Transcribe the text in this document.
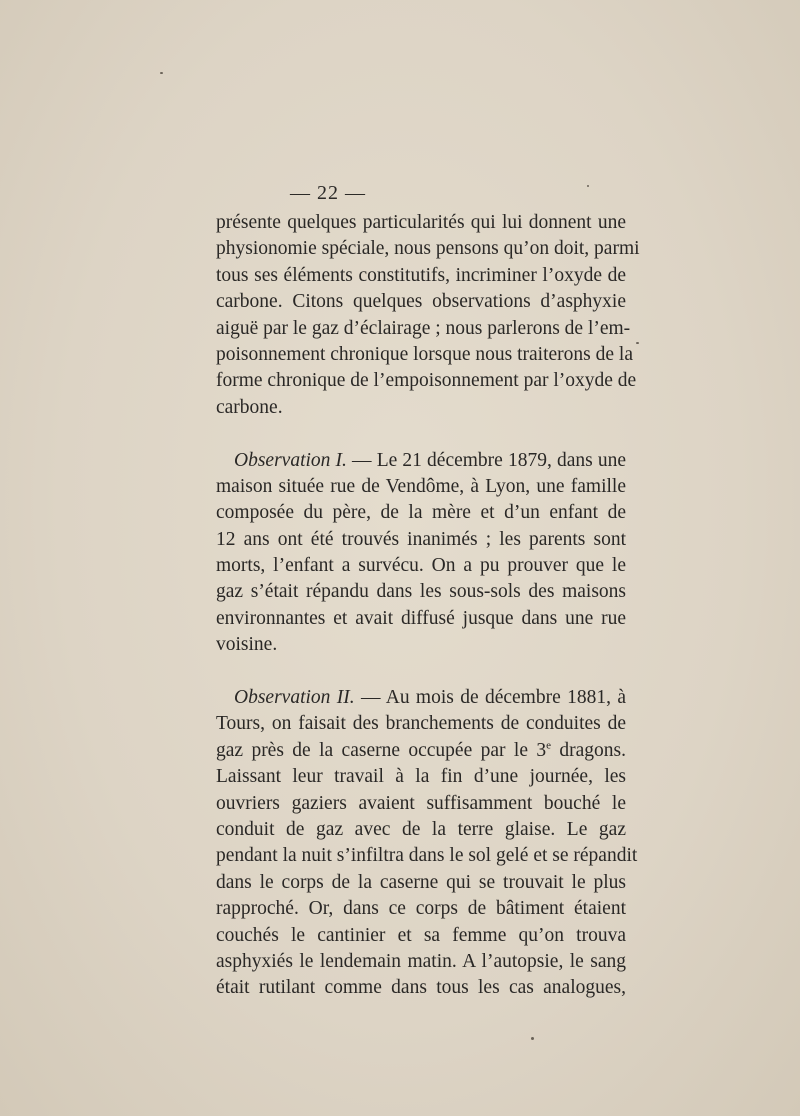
— 22 —
présente quelques particularités qui lui donnent une
physionomie spéciale, nous pensons qu’on doit, parmi
tous ses éléments constitutifs, incriminer l’oxyde de
carbone. Citons quelques observations d’asphyxie
aiguë par le gaz d’éclairage ; nous parlerons de l’em-
poisonnement chronique lorsque nous traiterons de la
forme chronique de l’empoisonnement par l’oxyde de
carbone.
Observation I. — Le 21 décembre 1879, dans une
maison située rue de Vendôme, à Lyon, une famille
composée du père, de la mère et d’un enfant de
12 ans ont été trouvés inanimés ; les parents sont
morts, l’enfant a survécu. On a pu prouver que le
gaz s’était répandu dans les sous-sols des maisons
environnantes et avait diffusé jusque dans une rue
voisine.
Observation II. — Au mois de décembre 1881, à
Tours, on faisait des branchements de conduites de
gaz près de la caserne occupée par le 3e dragons.
Laissant leur travail à la fin d’une journée, les
ouvriers gaziers avaient suffisamment bouché le
conduit de gaz avec de la terre glaise. Le gaz
pendant la nuit s’infiltra dans le sol gelé et se répandit
dans le corps de la caserne qui se trouvait le plus
rapproché. Or, dans ce corps de bâtiment étaient
couchés le cantinier et sa femme qu’on trouva
asphyxiés le lendemain matin. A l’autopsie, le sang
était rutilant comme dans tous les cas analogues,
